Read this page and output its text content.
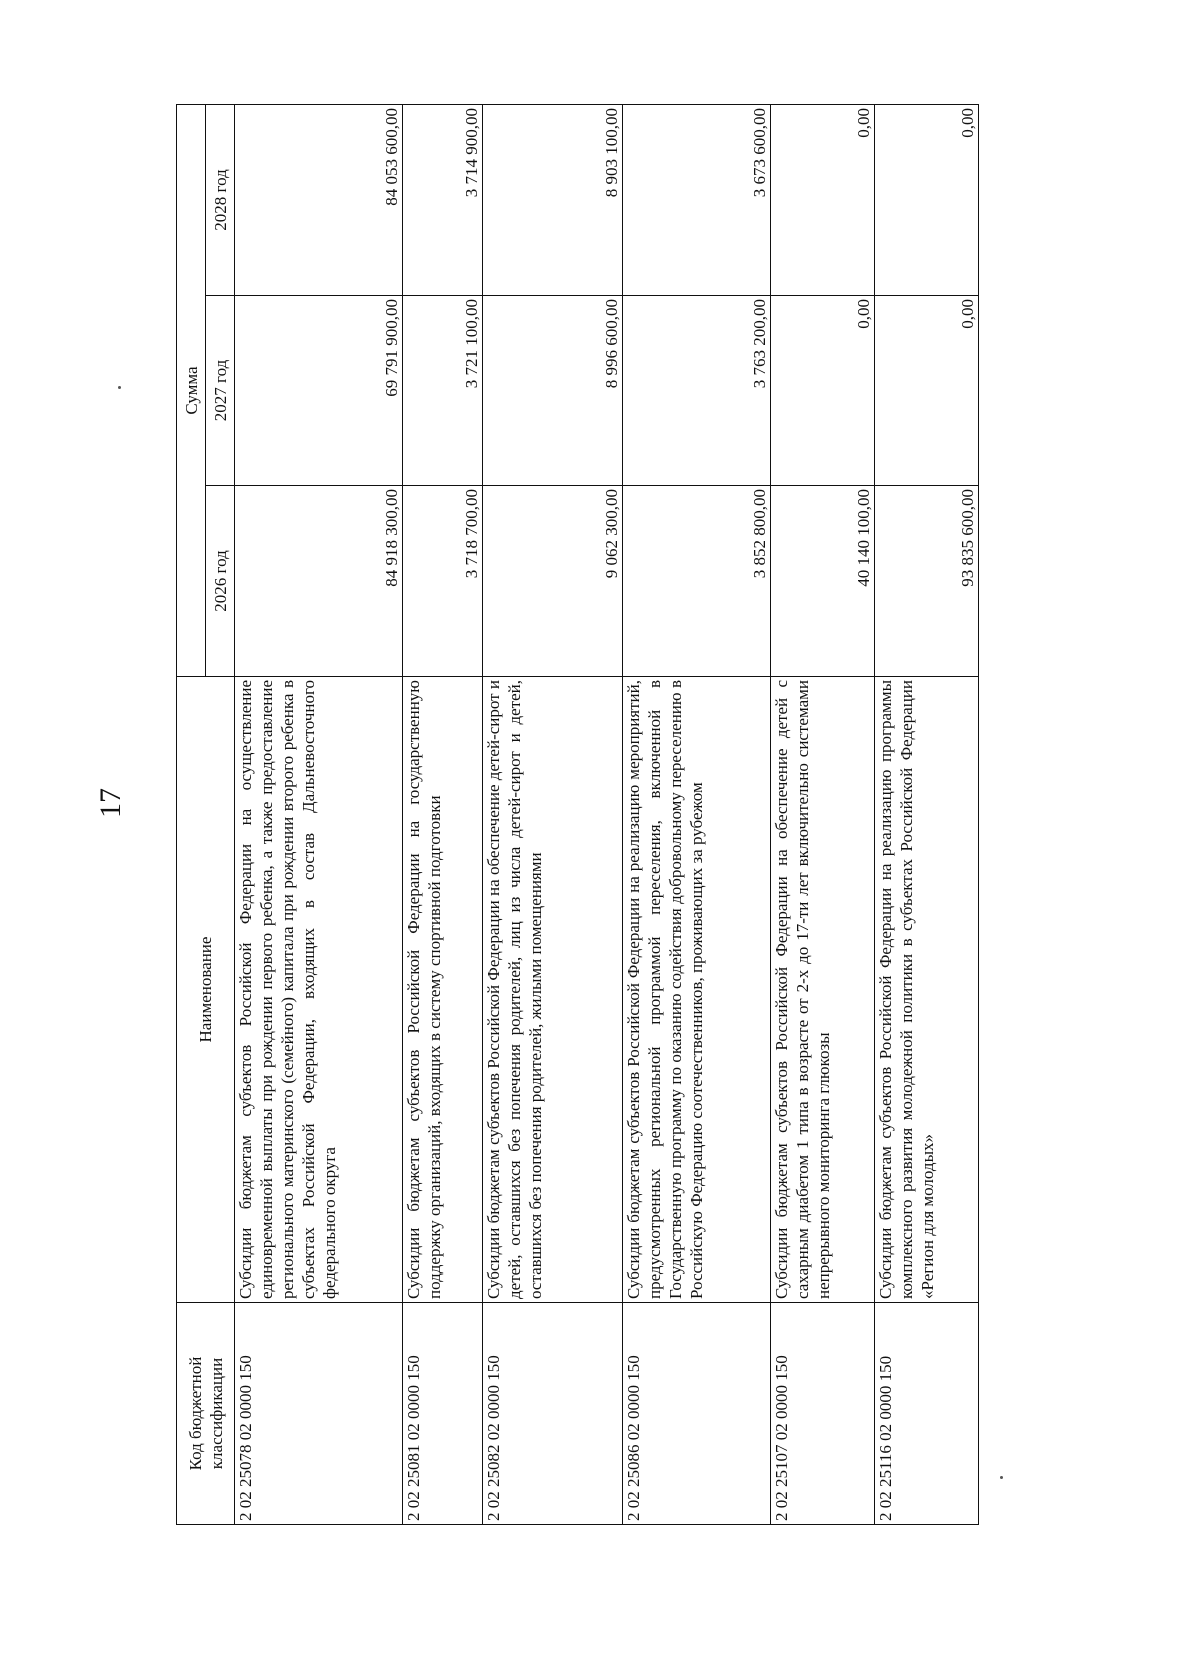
17
Код бюджетной классификации	Наименование	Сумма		
		2026 год	2027 год	2028 год
2 02 25078 02 0000 150	Субсидии бюджетам субъектов Российской Федерации на осуществление единовременной выплаты при рождении первого ребенка, а также предоставление регионального материнского (семейного) капитала при рождении второго ребенка в субъектах Российской Федерации, входящих в состав Дальневосточного федерального округа	84 918 300,00	69 791 900,00	84 053 600,00
2 02 25081 02 0000 150	Субсидии бюджетам субъектов Российской Федерации на государственную поддержку организаций, входящих в систему спортивной подготовки	3 718 700,00	3 721 100,00	3 714 900,00
2 02 25082 02 0000 150	Субсидии бюджетам субъектов Российской Федерации на обеспечение детей-сирот и детей, оставшихся без попечения родителей, лиц из числа детей-сирот и детей, оставшихся без попечения родителей, жилыми помещениями	9 062 300,00	8 996 600,00	8 903 100,00
2 02 25086 02 0000 150	Субсидии бюджетам субъектов Российской Федерации на реализацию мероприятий, предусмотренных региональной программой переселения, включенной в Государственную программу по оказанию содействия добровольному переселению в Российскую Федерацию соотечественников, проживающих за рубежом	3 852 800,00	3 763 200,00	3 673 600,00
2 02 25107 02 0000 150	Субсидии бюджетам субъектов Российской Федерации на обеспечение детей с сахарным диабетом 1 типа в возрасте от 2-х до 17-ти лет включительно системами непрерывного мониторинга глюкозы	40 140 100,00	0,00	0,00
2 02 25116 02 0000 150	Субсидии бюджетам субъектов Российской Федерации на реализацию программы комплексного развития молодежной политики в субъектах Российской Федерации «Регион для молодых»	93 835 600,00	0,00	0,00
